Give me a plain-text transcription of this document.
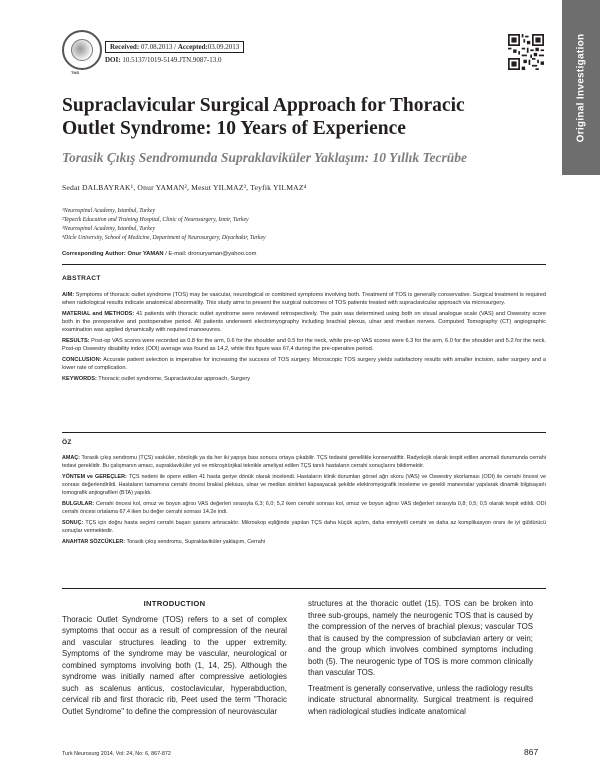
Original Investigation
TNS
Received: 07.08.2013 / Accepted:03.09.2013
DOI: 10.5137/1019-5149.JTN.9087-13.0
Supraclavicular Surgical Approach for Thoracic
Outlet Syndrome: 10 Years of Experience
Torasik Çıkış Sendromunda Supraklaviküler Yaklaşım: 10 Yıllık Tecrübe
Sedat DALBAYRAK¹, Onur YAMAN², Mesut YILMAZ³, Teyfik YILMAZ⁴
¹Neurospinal Academy, Istanbul, Turkey
²Tepecik Education and Training Hospital, Clinic of Neurosurgery, Izmir, Turkey
³Neurospinal Academy, Istanbul, Turkey
⁴Dicle University, School of Medicine, Department of Neurosurgery, Diyarbakir, Turkey
Corresponding Author: Onur YAMAN / E-mail: dronuryaman@yahoo.com
ABSTRACT

AIM: Symptoms of thoracic outlet syndrome (TOS) may be vascular, neurological or combined symptoms involving both. Treatment of TOS is generally conservative. Surgical treatment is required when radiological results indicate anatomical abnormality. This study aims to present the surgical outcomes of TOS patients treated with supraclavicular approach via microsurgery.

MATERIAL and METHODS: 41 patients with thoracic outlet syndrome were reviewed retrospectively. The pain was determined using both on visual analogue scale (VAS) and Oswestry score both in the preoperative and postoperative period. All patients underwent electromyography including brachial plexus, ulnar and median nerves. Computed Tomography (CT) angiographic examination was applied dynamically with required manoeuvres.

RESULTS: Post-op VAS scores were recorded as 0.8 for the arm, 0.6 for the shoulder and 0.5 for the neck, while pre-op VAS scores were 6.3 for the arm, 6.0 for the shoulder and 5.2 for the neck. Post-op Oswestry disability index (ODI) average was found as 14,2, while this figure was 67,4 during the pre-operative period.

CONCLUSION: Accurate patient selection is imperative for increasing the success of TOS surgery. Microscopic TOS surgery yields satisfactory results with smaller incision, safer surgery and a lower rate of complication.

KEYWORDS: Thoracic outlet syndrome, Supraclavicular approach, Surgery

ÖZ

AMAÇ: Torasik çıkış sendromu (TÇS) vasküler, nörolojik ya da her iki yapıya bası sonucu ortaya çıkabilir. TÇS tedavisi genellikle konservatiftir. Radyolojik olarak tespit edilen anomali durumunda cerrahi tedavi gereklidir. Bu çalışmanın amacı, supraklaviküler yol ve mikroşirürjikal teknikle ameliyat edilen TÇS tanılı hastaların cerrahi sonuçlarını bildirmektir.

YÖNTEM ve GEREÇLER: TÇS nedeni ile opere edilen 41 hasta geriye dönük olarak incelendi. Hastaların klinik durumları görsel ağrı skoru (VAS) ve Oswestry skorlaması (ODI) ile cerrahi öncesi ve sonrası değerlendirildi. Hastaların tamamına cerrahi öncesi brakial pleksus, ulnar ve median siniirleri kapsayacak şekilde elektromyografik inceleme ve gerekli manevralar yapılarak dinamik bilgisayarlı tomografik anjiografileri (BTA) yapıldı.

BULGULAR: Cerrahi öncesi kol, omuz ve boyun ağrısı VAS değerleri sırasıyla 6,3; 6,0; 5,2 iken cerrahi sonrası kol, omuz ve boyun ağrısı VAS değerleri sırasıyla 0,8; 0,5; 0,5 olarak tespit edildi. ODI cerrahi öncesi ortalama 67.4 iken bu değer cerrahi sonrası 14.2e indi.

SONUÇ: TÇS için doğru hasta seçimi cerrahi başarı şansını artıracaktır. Mikroskop eşliğinde yapılan TÇS daha küçük açılım, daha emniyetli cerrahi ve daha az komplikasyon oranı ile iyi güldürücü sonuçlar vermektedir.

ANAHTAR SÖZCÜKLER: Torasik çıkış sendromu, Supraklaviküler yaklaşım, Cerrahi

INTRODUCTION

Thoracic Outlet Syndrome (TOS) refers to a set of complex symptoms that occur as a result of compression of the neural and vascular structures leading to the upper extremity. Symptoms of the syndrome may be vascular, neurological or combined symptoms involving both (1, 14, 25). Although the syndrome was initially named after compressive aetiologies such as scalenus anticus, costoclavicular, hyperabduction, cervical rib and first thoracic rib, Peet used the term "Thoracic Outlet Syndrome" to define the compression of neurovascular

structures at the thoracic outlet (15). TOS can be broken into three sub-groups, namely the neurogenic TOS that is caused by the compression of the nerves of brachial plexus; vascular TOS that is caused by the compression of subclavian artery or vein; and the group which involves combined symptoms including both (5). The neurogenic type of TOS is more common clinically than vascular TOS.

Treatment is generally conservative, unless the radiology results indicate structural abnormality. Surgical treatment is required when radiological studies indicate anatomical

Turk Neurosurg 2014, Vol: 24, No: 6, 867-872	867
